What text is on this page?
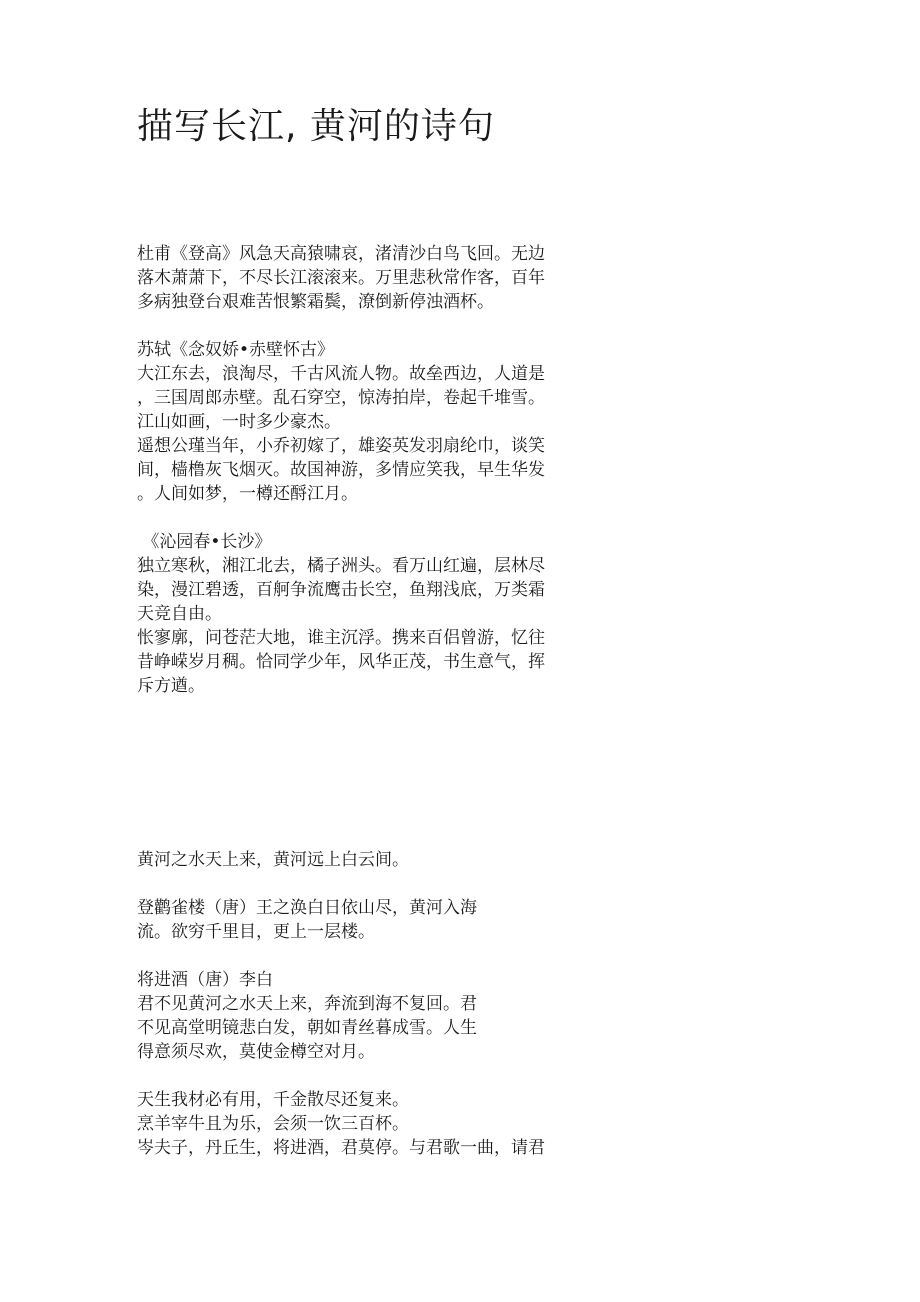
描写长江, 黄河的诗句

杜甫《登高》风急天高猿啸哀，渚清沙白鸟飞回。无边

落木萧萧下，不尽长江滚滚来。万里悲秋常作客，百年

多病独登台艰难苦恨繁霜鬓，潦倒新停浊酒杯。

苏轼《念奴娇•赤壁怀古》

大江东去，浪淘尽，千古风流人物。故垒西边，人道是

，三国周郎赤壁。乱石穿空，惊涛拍岸，卷起千堆雪。

江山如画，一时多少豪杰。

遥想公瑾当年，小乔初嫁了，雄姿英发羽扇纶巾，谈笑

间，樯橹灰飞烟灭。故国神游，多情应笑我，早生华发

。人间如梦，一樽还酹江月。

《沁园春•长沙》

独立寒秋，湘江北去，橘子洲头。看万山红遍，层林尽

染，漫江碧透，百舸争流鹰击长空，鱼翔浅底，万类霜

天竞自由。

怅寥廓，问苍茫大地，谁主沉浮。携来百侣曾游，忆往

昔峥嵘岁月稠。恰同学少年，风华正茂，书生意气，挥

斥方遒。

黄河之水天上来，黄河远上白云间。

登鹳雀楼（唐）王之涣白日依山尽，黄河入海

流。欲穷千里目，更上一层楼。

将进酒（唐）李白

君不见黄河之水天上来，奔流到海不复回。君

不见高堂明镜悲白发，朝如青丝暮成雪。人生

得意须尽欢，莫使金樽空对月。

天生我材必有用，千金散尽还复来。

烹羊宰牛且为乐，会须一饮三百杯。

岑夫子，丹丘生，将进酒，君莫停。与君歌一曲，请君
